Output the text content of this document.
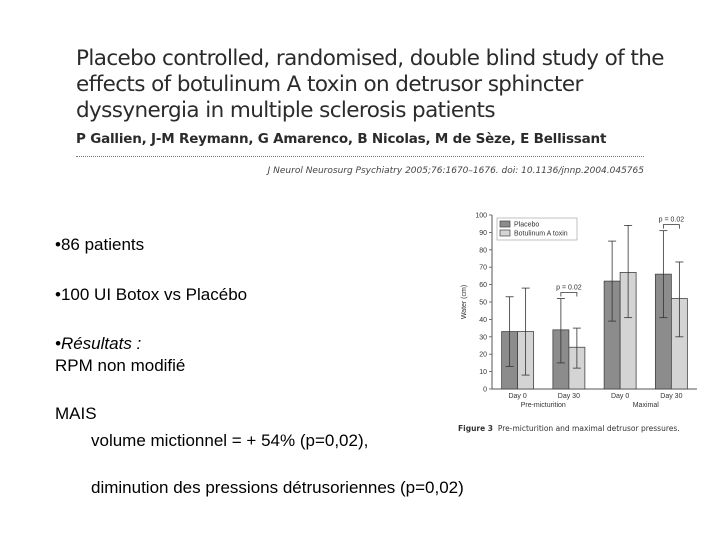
Placebo controlled, randomised, double blind study of the
effects of botulinum A toxin on detrusor sphincter
dyssynergia in multiple sclerosis patients
P Gallien, J-M Reymann, G Amarenco, B Nicolas, M de Sèze, E Bellissant
J Neurol Neurosurg Psychiatry 2005;76:1670–1676. doi: 10.1136/jnnp.2004.045765
•86 patients
•100 UI Botox vs Placébo
•Résultats :
RPM non modifié
MAIS
volume mictionnel = + 54% (p=0,02),
diminution des pressions détrusoriennes (p=0,02)
0
10
20
30
40
50
60
70
80
90
100
Water (cm)
Day 0	Day 30	Day 0	Day 30
Pre-micturition	Maximal
p = 0.02
p = 0.02
Placebo
Botulinum A toxin
Figure 3 Pre-micturition and maximal detrusor pressures.
